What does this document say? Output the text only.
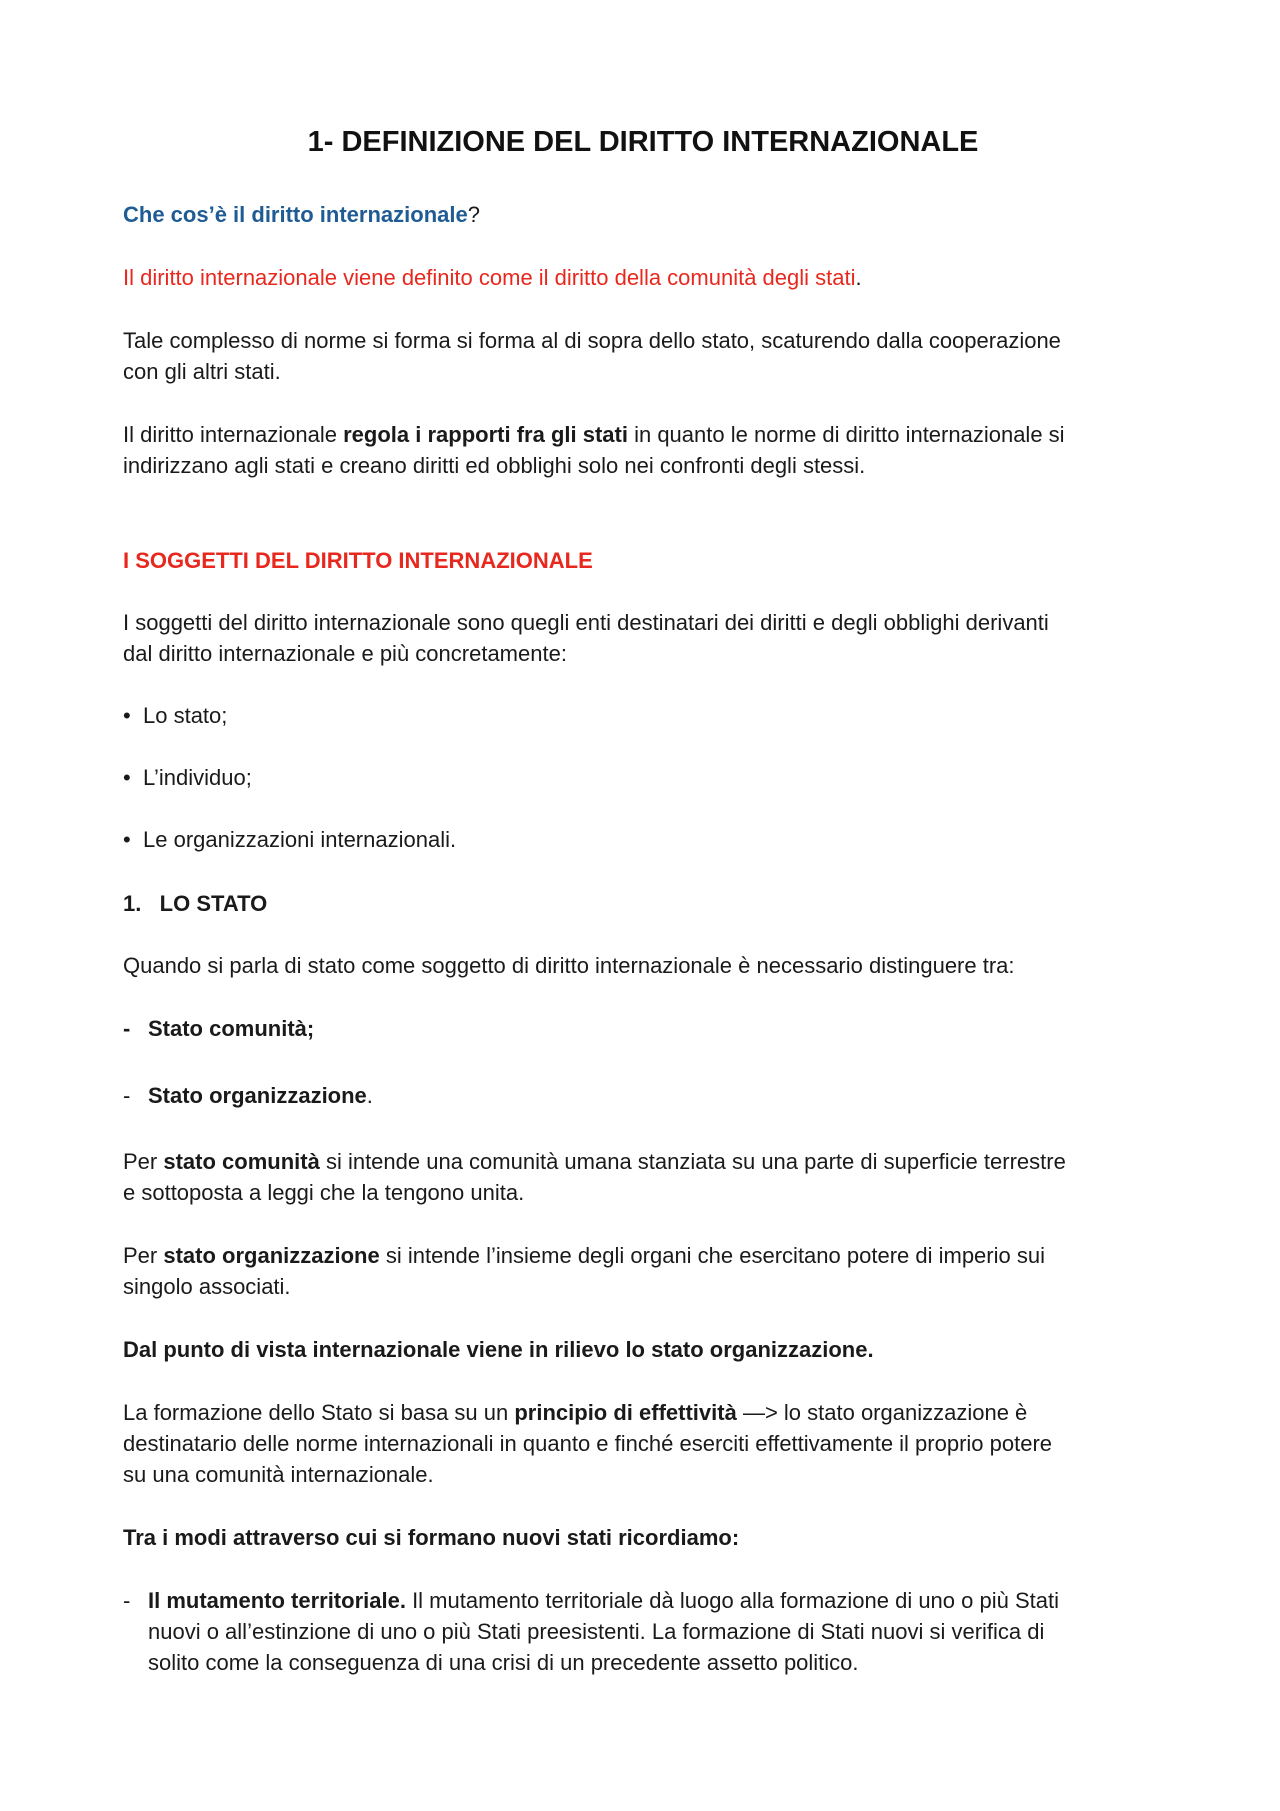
1- DEFINIZIONE DEL DIRITTO INTERNAZIONALE

Che cos’è il diritto internazionale?

Il diritto internazionale viene definito come il diritto della comunità degli stati.

Tale complesso di norme si forma si forma al di sopra dello stato, scaturendo dalla cooperazione

con gli altri stati.

Il diritto internazionale regola i rapporti fra gli stati in quanto le norme di diritto internazionale si

indirizzano agli stati e creano diritti ed obblighi solo nei confronti degli stessi.

I SOGGETTI DEL DIRITTO INTERNAZIONALE

I soggetti del diritto internazionale sono quegli enti destinatari dei diritti e degli obblighi derivanti

dal diritto internazionale e più concretamente:

• Lo stato;
• L’individuo;
• Le organizzazioni internazionali.
1.   LO STATO

Quando si parla di stato come soggetto di diritto internazionale è necessario distinguere tra:

- Stato comunità;
- Stato organizzazione.

Per stato comunità si intende una comunità umana stanziata su una parte di superficie terrestre

e sottoposta a leggi che la tengono unita.

Per stato organizzazione si intende l’insieme degli organi che esercitano potere di imperio sui

singolo associati.

Dal punto di vista internazionale viene in rilievo lo stato organizzazione.

La formazione dello Stato si basa su un principio di effettività —> lo stato organizzazione è

destinatario delle norme internazionali in quanto e finché eserciti effettivamente il proprio potere

su una comunità internazionale.

Tra i modi attraverso cui si formano nuovi stati ricordiamo:

- Il mutamento territoriale. Il mutamento territoriale dà luogo alla formazione di uno o più Stati
nuovi o all’estinzione di uno o più Stati preesistenti. La formazione di Stati nuovi si verifica di
solito come la conseguenza di una crisi di un precedente assetto politico.
